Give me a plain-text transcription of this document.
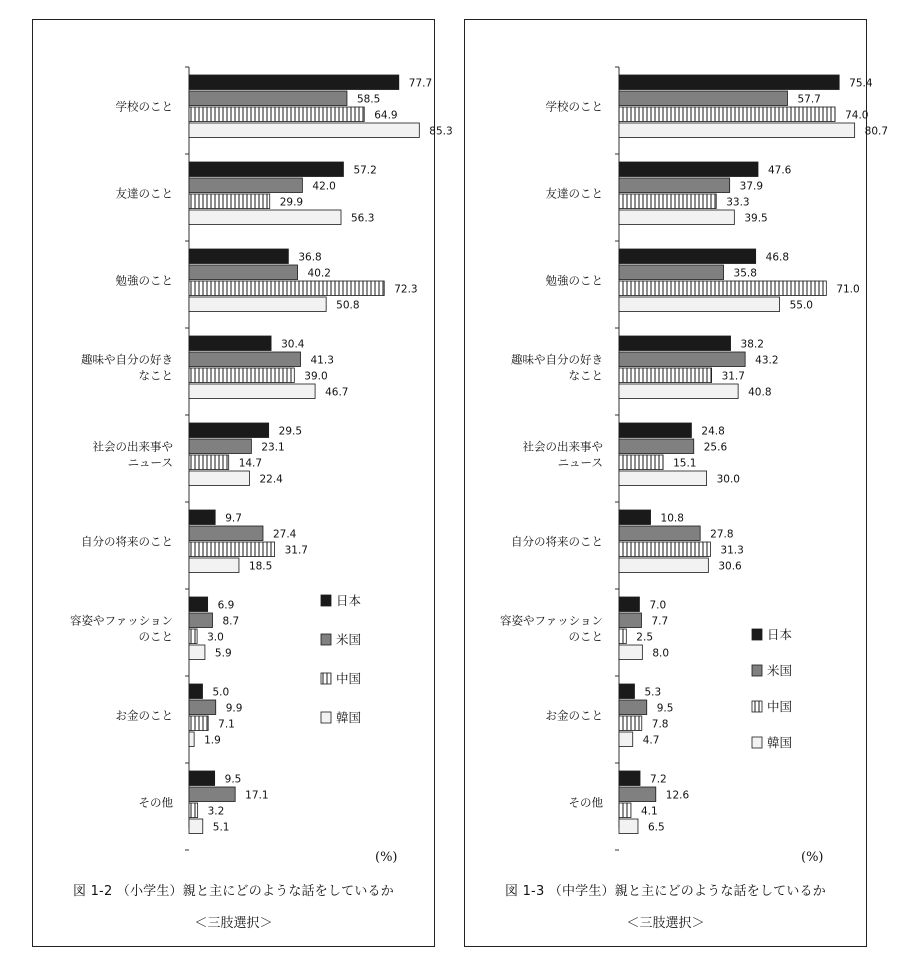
学校のこと
77.7
58.5
64.9
85.3
友達のこと
57.2
42.0
29.9
56.3
勉強のこと
36.8
40.2
72.3
50.8
趣味や自分の好き
なこと
30.4
41.3
39.0
46.7
社会の出来事や
ニュース
29.5
23.1
14.7
22.4
自分の将来のこと
9.7
27.4
31.7
18.5
容姿やファッション
のこと
6.9
8.7
3.0
5.9
お金のこと
5.0
9.9
7.1
1.9
その他
9.5
17.1
3.2
5.1
日本
米国
中国
韓国
(%)
図 1-2 （小学生）親と主にどのような話をしているか
＜三肢選択＞
学校のこと
75.4
57.7
74.0
80.7
友達のこと
47.6
37.9
33.3
39.5
勉強のこと
46.8
35.8
71.0
55.0
趣味や自分の好き
なこと
38.2
43.2
31.7
40.8
社会の出来事や
ニュース
24.8
25.6
15.1
30.0
自分の将来のこと
10.8
27.8
31.3
30.6
容姿やファッション
のこと
7.0
7.7
2.5
8.0
お金のこと
5.3
9.5
7.8
4.7
その他
7.2
12.6
4.1
6.5
日本
米国
中国
韓国
(%)
図 1-3 （中学生）親と主にどのような話をしているか
＜三肢選択＞
